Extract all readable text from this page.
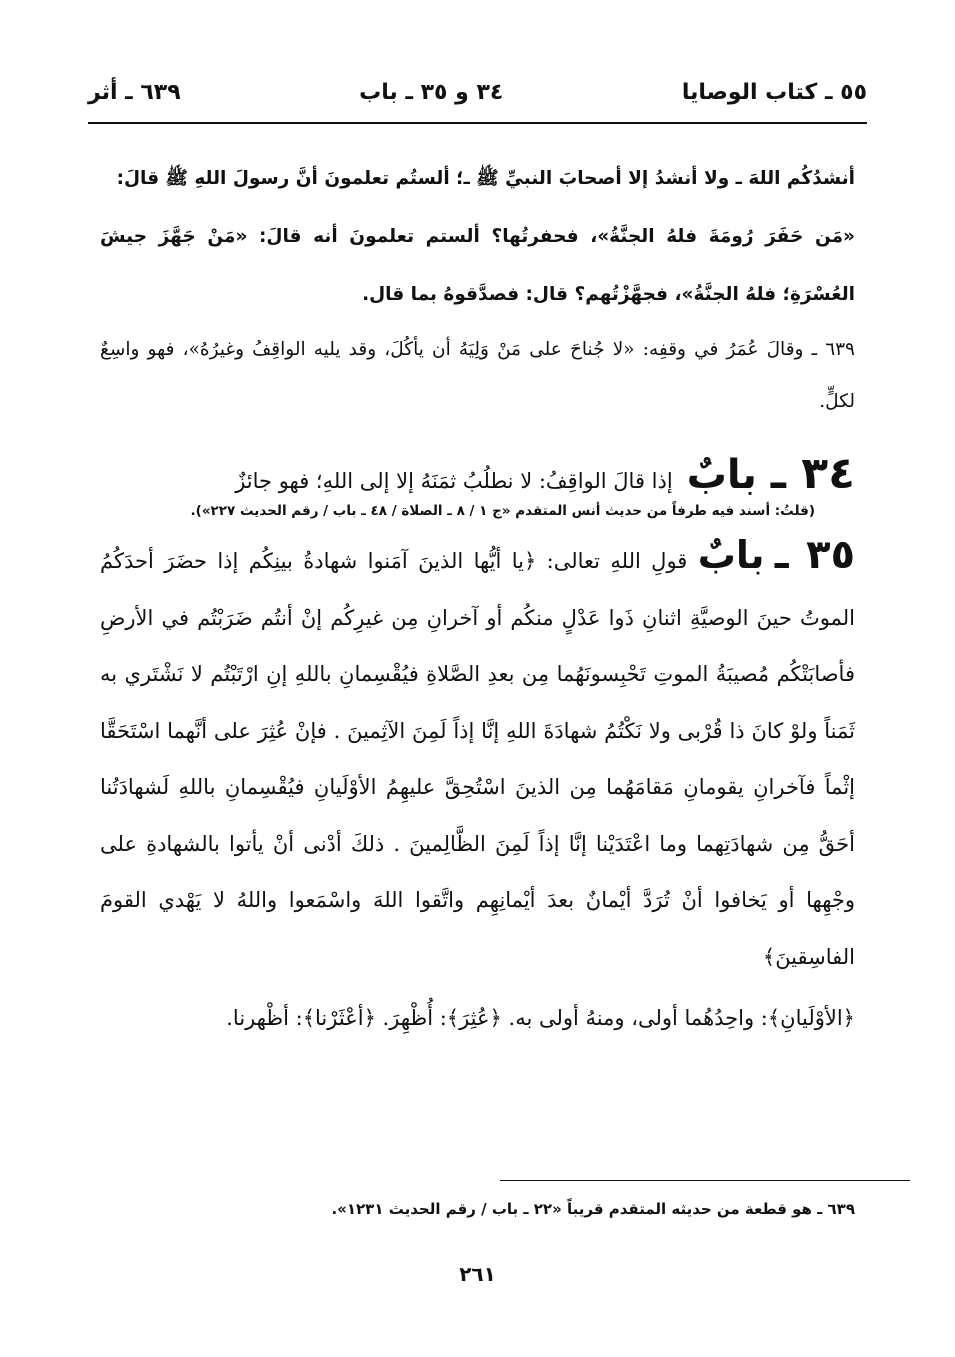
٥٥ ـ كتاب الوصايا
٣٤ و ٣٥ ـ باب
٦٣٩ ـ أثر

أنشدُكُم اللهَ ـ ولا أنشدُ إلا أصحابَ النبيِّ ﷺ ـ؛ ألستُم تعلمونَ أنَّ رسولَ اللهِ ﷺ قالَ:

«مَن حَفَرَ رُومَةَ فلهُ الجنَّةُ»، فحفرتُها؟ ألستم تعلمونَ أنه قالَ: «مَنْ جَهَّزَ جيشَ العُسْرَةِ؛ فلهُ الجنَّةُ»، فجهَّزْتُهم؟ قال: فصدَّقوهُ بما قال.

٦٣٩ ـ وقالَ عُمَرُ في وقفِه: «لا جُناحَ على مَنْ وَلِيَهُ أن يأكُلَ، وقد يليه الواقِفُ وغيرُهُ»، فهو واسِعٌ لكلٍّ.

٣٤ ـ
بابٌ
إذا قالَ الواقِفُ: لا نطلُبُ ثمَنَهُ إلا إلى اللهِ؛ فهو جائزٌ
(قلتُ: أسند فيه طرفاً من حديث أنس المتقدم «ج ١ / ٨ ـ الصلاة / ٤٨ ـ باب / رقم الحديث ٢٢٧»).

٣٥ ـ بابٌ قولِ اللهِ تعالى: ﴿يا أيُّها الذينَ آمَنوا شهادةُ بينِكُم إذا حضَرَ أحدَكُمُ الموتُ حينَ الوصيَّةِ اثنانِ ذَوا عَدْلٍ منكُم أو آخرانِ مِن غيرِكُم إنْ أنتُم ضَرَبْتُم في الأرضِ فأصابَتْكُم مُصيبَةُ الموتِ تَحْبِسونَهُما مِن بعدِ الصَّلاةِ فيُقْسِمانِ باللهِ إنِ ارْتَبْتُم لا نَشْتَري به ثَمَناً ولوْ كانَ ذا قُرْبى ولا نَكْتُمُ شهادَةَ اللهِ إنَّا إذاً لَمِنَ الآثِمينَ . فإنْ عُثِرَ على أنَّهما اسْتَحَقَّا إثْماً فآخرانِ يقومانِ مَقامَهُما مِن الذينَ اسْتُحِقَّ عليهِمُ الأوْلَيانِ فيُقْسِمانِ باللهِ لَشهادَتُنا أحَقُّ مِن شهادَتِهما وما اعْتَدَيْنا إنَّا إذاً لَمِنَ الظَّالِمينَ . ذلكَ أدْنى أنْ يأتوا بالشهادةِ على وجْهِها أو يَخافوا أنْ تُرَدَّ أيْمانٌ بعدَ أيْمانِهِم واتَّقوا اللهَ واسْمَعوا واللهُ لا يَهْدي القومَ الفاسِقينَ﴾

﴿الأوْلَيانِ﴾: واحِدُهُما أولى، ومنهُ أولى به. ﴿عُثِرَ﴾: أُظْهِرَ. ﴿أعْثَرْنا﴾: أظْهرنا.

٦٣٩ ـ هو قطعة من حديثه المتقدم قريباً «٢٢ ـ باب / رقم الحديث ١٢٣١».
٢٦١
